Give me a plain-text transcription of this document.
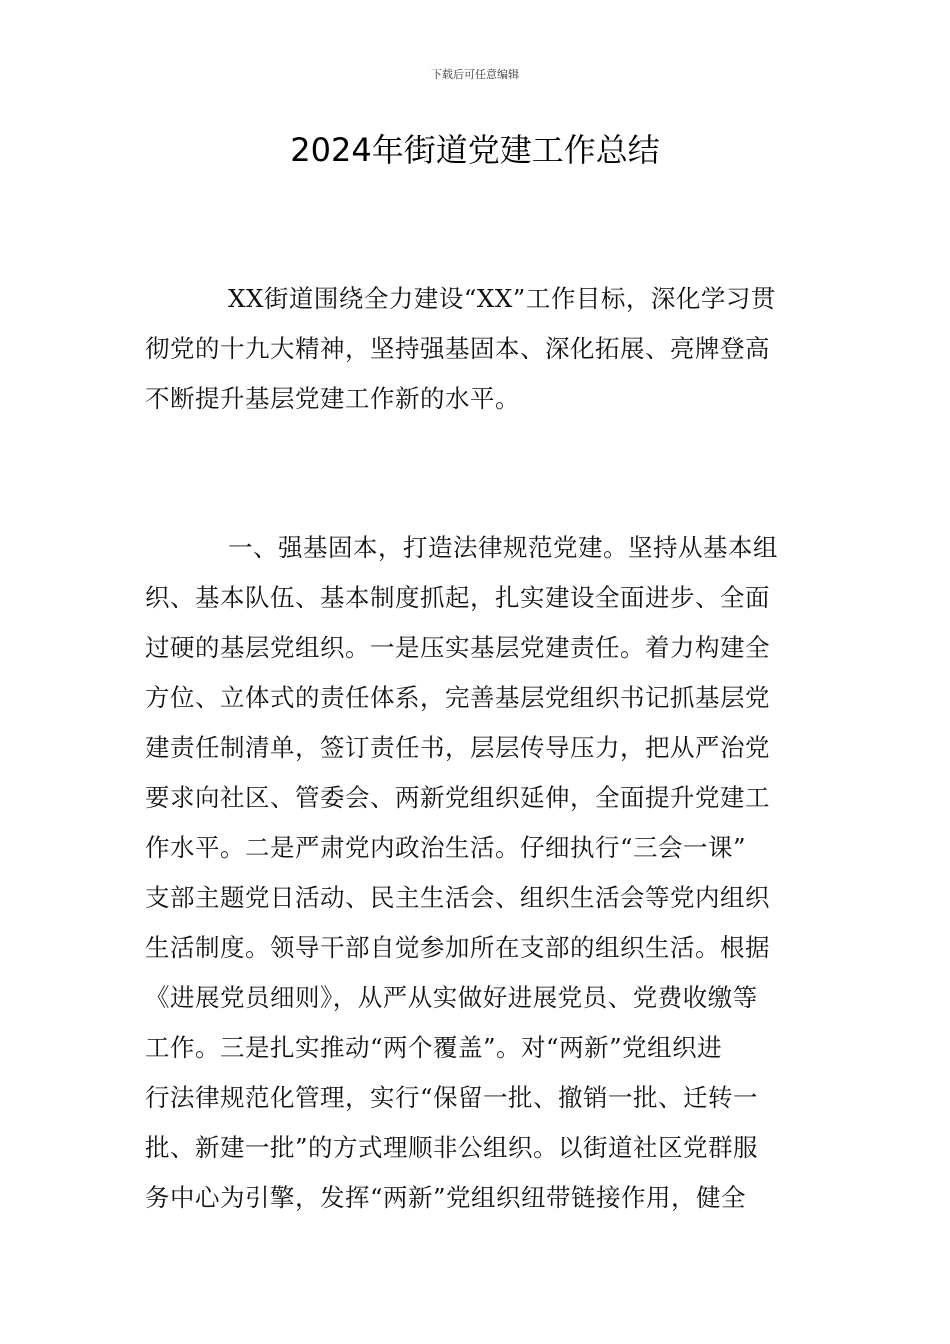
下载后可任意编辑
2024年街道党建工作总结
XX街道围绕全力建设“XX”工作目标，深化学习贯
彻党的十九大精神，坚持强基固本、深化拓展、亮牌登高
不断提升基层党建工作新的水平。
一、强基固本，打造法律规范党建。坚持从基本组
织、基本队伍、基本制度抓起，扎实建设全面进步、全面
过硬的基层党组织。一是压实基层党建责任。着力构建全
方位、立体式的责任体系，完善基层党组织书记抓基层党
建责任制清单，签订责任书，层层传导压力，把从严治党
要求向社区、管委会、两新党组织延伸，全面提升党建工
作水平。二是严肃党内政治生活。仔细执行“三会一课”
支部主题党日活动、民主生活会、组织生活会等党内组织
生活制度。领导干部自觉参加所在支部的组织生活。根据
《进展党员细则》，从严从实做好进展党员、党费收缴等
工作。三是扎实推动“两个覆盖”。对“两新”党组织进
行法律规范化管理，实行“保留一批、撤销一批、迁转一
批、新建一批”的方式理顺非公组织。以街道社区党群服
务中心为引擎，发挥“两新”党组织纽带链接作用，健全
